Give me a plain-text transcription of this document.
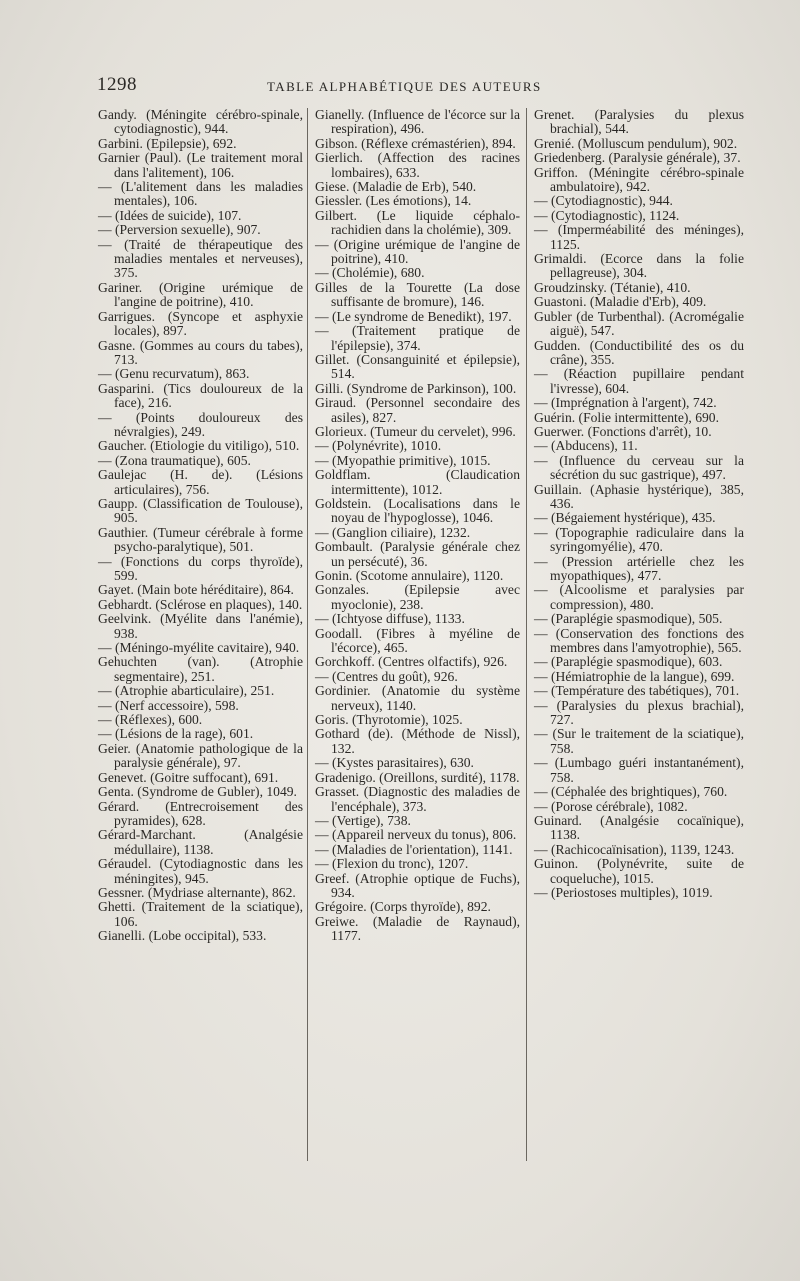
1298	TABLE ALPHABÉTIQUE DES AUTEURS

Gandy. (Méningite cérébro-spinale, cytodiagnostic), 944.

Garbini. (Epilepsie), 692.

Garnier (Paul). (Le traitement moral dans l'alitement), 106.

— (L'alitement dans les maladies mentales), 106.

— (Idées de suicide), 107.

— (Perversion sexuelle), 907.

— (Traité de thérapeutique des maladies mentales et nerveuses), 375.

Gariner. (Origine urémique de l'angine de poitrine), 410.

Garrigues. (Syncope et asphyxie locales), 897.

Gasne. (Gommes au cours du tabes), 713.

— (Genu recurvatum), 863.

Gasparini. (Tics douloureux de la face), 216.

— (Points douloureux des névralgies), 249.

Gaucher. (Etiologie du vitiligo), 510.

— (Zona traumatique), 605.

Gaulejac (H. de). (Lésions articulaires), 756.

Gaupp. (Classification de Toulouse), 905.

Gauthier. (Tumeur cérébrale à forme psycho-paralytique), 501.

— (Fonctions du corps thyroïde), 599.

Gayet. (Main bote héréditaire), 864.

Gebhardt. (Sclérose en plaques), 140.

Geelvink. (Myélite dans l'anémie), 938.

— (Méningo-myélite cavitaire), 940.

Gehuchten (van). (Atrophie segmentaire), 251.

— (Atrophie abarticulaire), 251.

— (Nerf accessoire), 598.

— (Réflexes), 600.

— (Lésions de la rage), 601.

Geier. (Anatomie pathologique de la paralysie générale), 97.

Genevet. (Goitre suffocant), 691.

Genta. (Syndrome de Gubler), 1049.

Gérard. (Entrecroisement des pyramides), 628.

Gérard-Marchant. (Analgésie médullaire), 1138.

Géraudel. (Cytodiagnostic dans les méningites), 945.

Gessner. (Mydriase alternante), 862.

Ghetti. (Traitement de la sciatique), 106.

Gianelli. (Lobe occipital), 533.

Gianelly. (Influence de l'écorce sur la respiration), 496.

Gibson. (Réflexe crémastérien), 894.

Gierlich. (Affection des racines lombaires), 633.

Giese. (Maladie de Erb), 540.

Giessler. (Les émotions), 14.

Gilbert. (Le liquide céphalo-rachidien dans la cholémie), 309.

— (Origine urémique de l'angine de poitrine), 410.

— (Cholémie), 680.

Gilles de la Tourette (La dose suffisante de bromure), 146.

— (Le syndrome de Benedikt), 197.

— (Traitement pratique de l'épilepsie), 374.

Gillet. (Consanguinité et épilepsie), 514.

Gilli. (Syndrome de Parkinson), 100.

Giraud. (Personnel secondaire des asiles), 827.

Glorieux. (Tumeur du cervelet), 996.

— (Polynévrite), 1010.

— (Myopathie primitive), 1015.

Goldflam. (Claudication intermittente), 1012.

Goldstein. (Localisations dans le noyau de l'hypoglosse), 1046.

— (Ganglion ciliaire), 1232.

Gombault. (Paralysie générale chez un persécuté), 36.

Gonin. (Scotome annulaire), 1120.

Gonzales. (Epilepsie avec myoclonie), 238.

— (Ichtyose diffuse), 1133.

Goodall. (Fibres à myéline de l'écorce), 465.

Gorchkoff. (Centres olfactifs), 926.

— (Centres du goût), 926.

Gordinier. (Anatomie du système nerveux), 1140.

Goris. (Thyrotomie), 1025.

Gothard (de). (Méthode de Nissl), 132.

— (Kystes parasitaires), 630.

Gradenigo. (Oreillons, surdité), 1178.

Grasset. (Diagnostic des maladies de l'encéphale), 373.

— (Vertige), 738.

— (Appareil nerveux du tonus), 806.

— (Maladies de l'orientation), 1141.

— (Flexion du tronc), 1207.

Greef. (Atrophie optique de Fuchs), 934.

Grégoire. (Corps thyroïde), 892.

Greiwe. (Maladie de Raynaud), 1177.

Grenet. (Paralysies du plexus brachial), 544.

Grenié. (Molluscum pendulum), 902.

Griedenberg. (Paralysie générale), 37.

Griffon. (Méningite cérébro-spinale ambulatoire), 942.

— (Cytodiagnostic), 944.

— (Cytodiagnostic), 1124.

— (Imperméabilité des méninges), 1125.

Grimaldi. (Ecorce dans la folie pellagreuse), 304.

Groudzinsky. (Tétanie), 410.

Guastoni. (Maladie d'Erb), 409.

Gubler (de Turbenthal). (Acromégalie aiguë), 547.

Gudden. (Conductibilité des os du crâne), 355.

— (Réaction pupillaire pendant l'ivresse), 604.

— (Imprégnation à l'argent), 742.

Guérin. (Folie intermittente), 690.

Guerwer. (Fonctions d'arrêt), 10.

— (Abducens), 11.

— (Influence du cerveau sur la sécrétion du suc gastrique), 497.

Guillain. (Aphasie hystérique), 385, 436.

— (Bégaiement hystérique), 435.

— (Topographie radiculaire dans la syringomyélie), 470.

— (Pression artérielle chez les myopathiques), 477.

— (Alcoolisme et paralysies par compression), 480.

— (Paraplégie spasmodique), 505.

— (Conservation des fonctions des membres dans l'amyotrophie), 565.

— (Paraplégie spasmodique), 603.

— (Hémiatrophie de la langue), 699.

— (Température des tabétiques), 701.

— (Paralysies du plexus brachial), 727.

— (Sur le traitement de la sciatique), 758.

— (Lumbago guéri instantanément), 758.

— (Céphalée des brightiques), 760.

— (Porose cérébrale), 1082.

Guinard. (Analgésie cocaïnique), 1138.

— (Rachicocaïnisation), 1139, 1243.

Guinon. (Polynévrite, suite de coqueluche), 1015.

— (Periostoses multiples), 1019.
